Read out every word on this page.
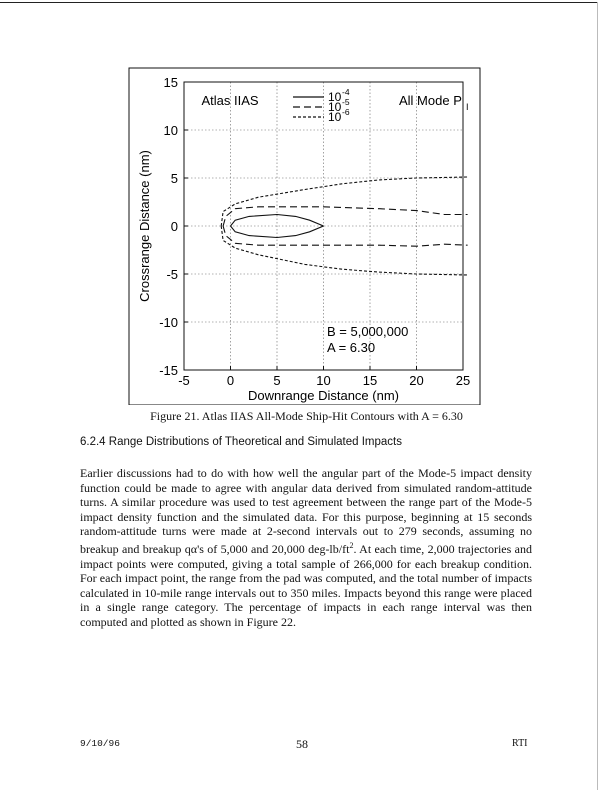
-5	0	5	10 15 20 25
15
10
5
0
-5
-10
-15
Downrange Distance (nm)
Crossrange Distance (nm)
Atlas IIAS	All Mode P I
B = 5,000,000
A = 6.30
10 -4
10 -5
10 -6
Figure 21. Atlas IIAS All-Mode Ship-Hit Contours with A = 6.30
6.2.4 Range Distributions of Theoretical and Simulated Impacts

Earlier discussions had to do with how well the angular part of the Mode-5 impact density function could be made to agree with angular data derived from simulated random-attitude turns. A similar procedure was used to test agreement between the range part of the Mode-5 impact density function and the simulated data. For this purpose, beginning at 15 seconds random-attitude turns were made at 2-second intervals out to 279 seconds, assuming no breakup and breakup qα's of 5,000 and 20,000 deg-$lb/ft^2$. At each time, 2,000 trajectories and impact points were computed, giving a total sample of 266,000 for each breakup condition. For each impact point, the range from the pad was computed, and the total number of impacts calculated in 10-mile range intervals out to 350 miles. Impacts beyond this range were placed in a single range category. The percentage of impacts in each range interval was then computed and plotted as shown in Figure 22.

9/10/96	58	RTI
